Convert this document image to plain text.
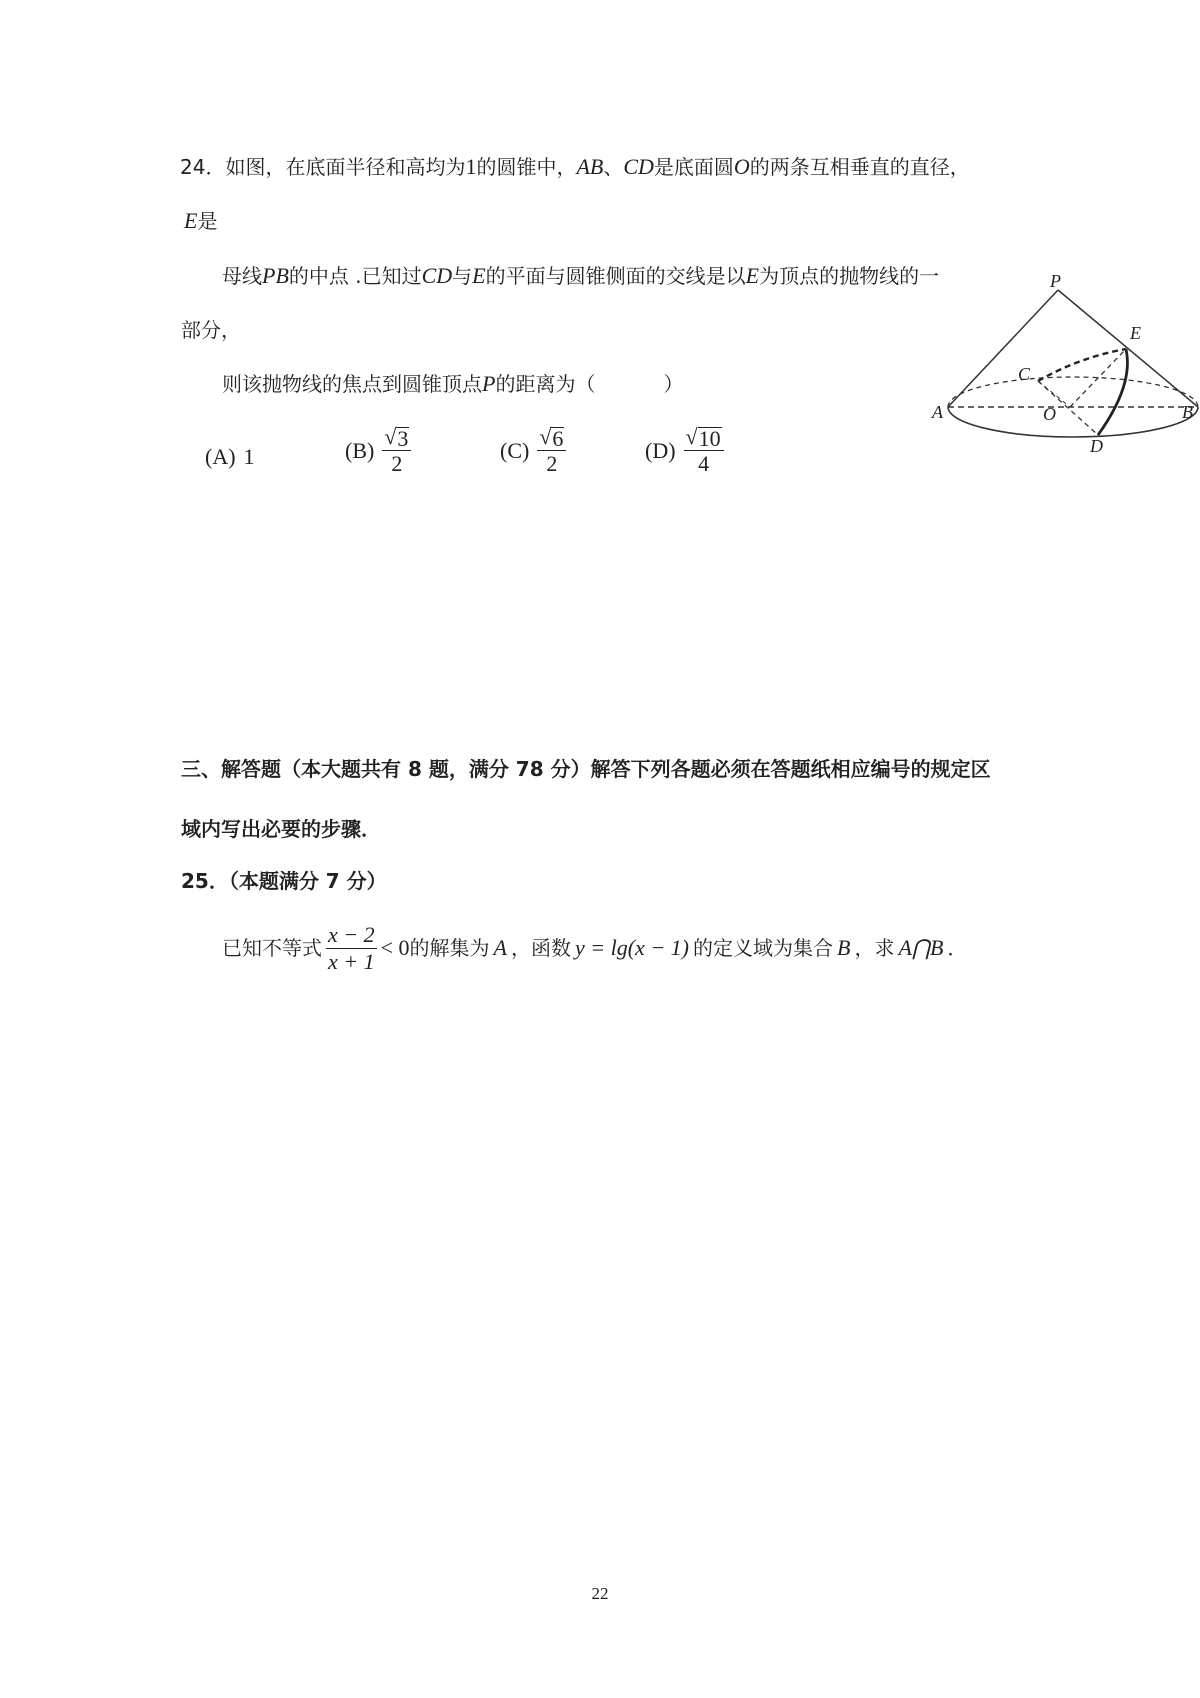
24．如图，在底面半径和高均为1的圆锥中，AB、CD是底面圆O的两条互相垂直的直径，
E是
母线PB的中点 .已知过CD与E的平面与圆锥侧面的交线是以E为顶点的抛物线的一
部分，
则该抛物线的焦点到圆锥顶点P的距离为（	）
(A) 1	$(B) \frac{√ 3}{2}$	$(C) \frac{√ 6}{2}$	$(D) \frac{√ 10}{4}$
P
E
C
A	O	B
D
三、解答题（本大题共有 8 题，满分 78 分）解答下列各题必须在答题纸相应编号的规定区
域内写出必要的步骤．
25．（本题满分 7 分）
已知不等式 $\frac{x - 2}{x + 1} < 0$ 的解集为 A ，函数 y = lg(x − 1) 的定义域为集合 B ，求 A⋂B ．
22
